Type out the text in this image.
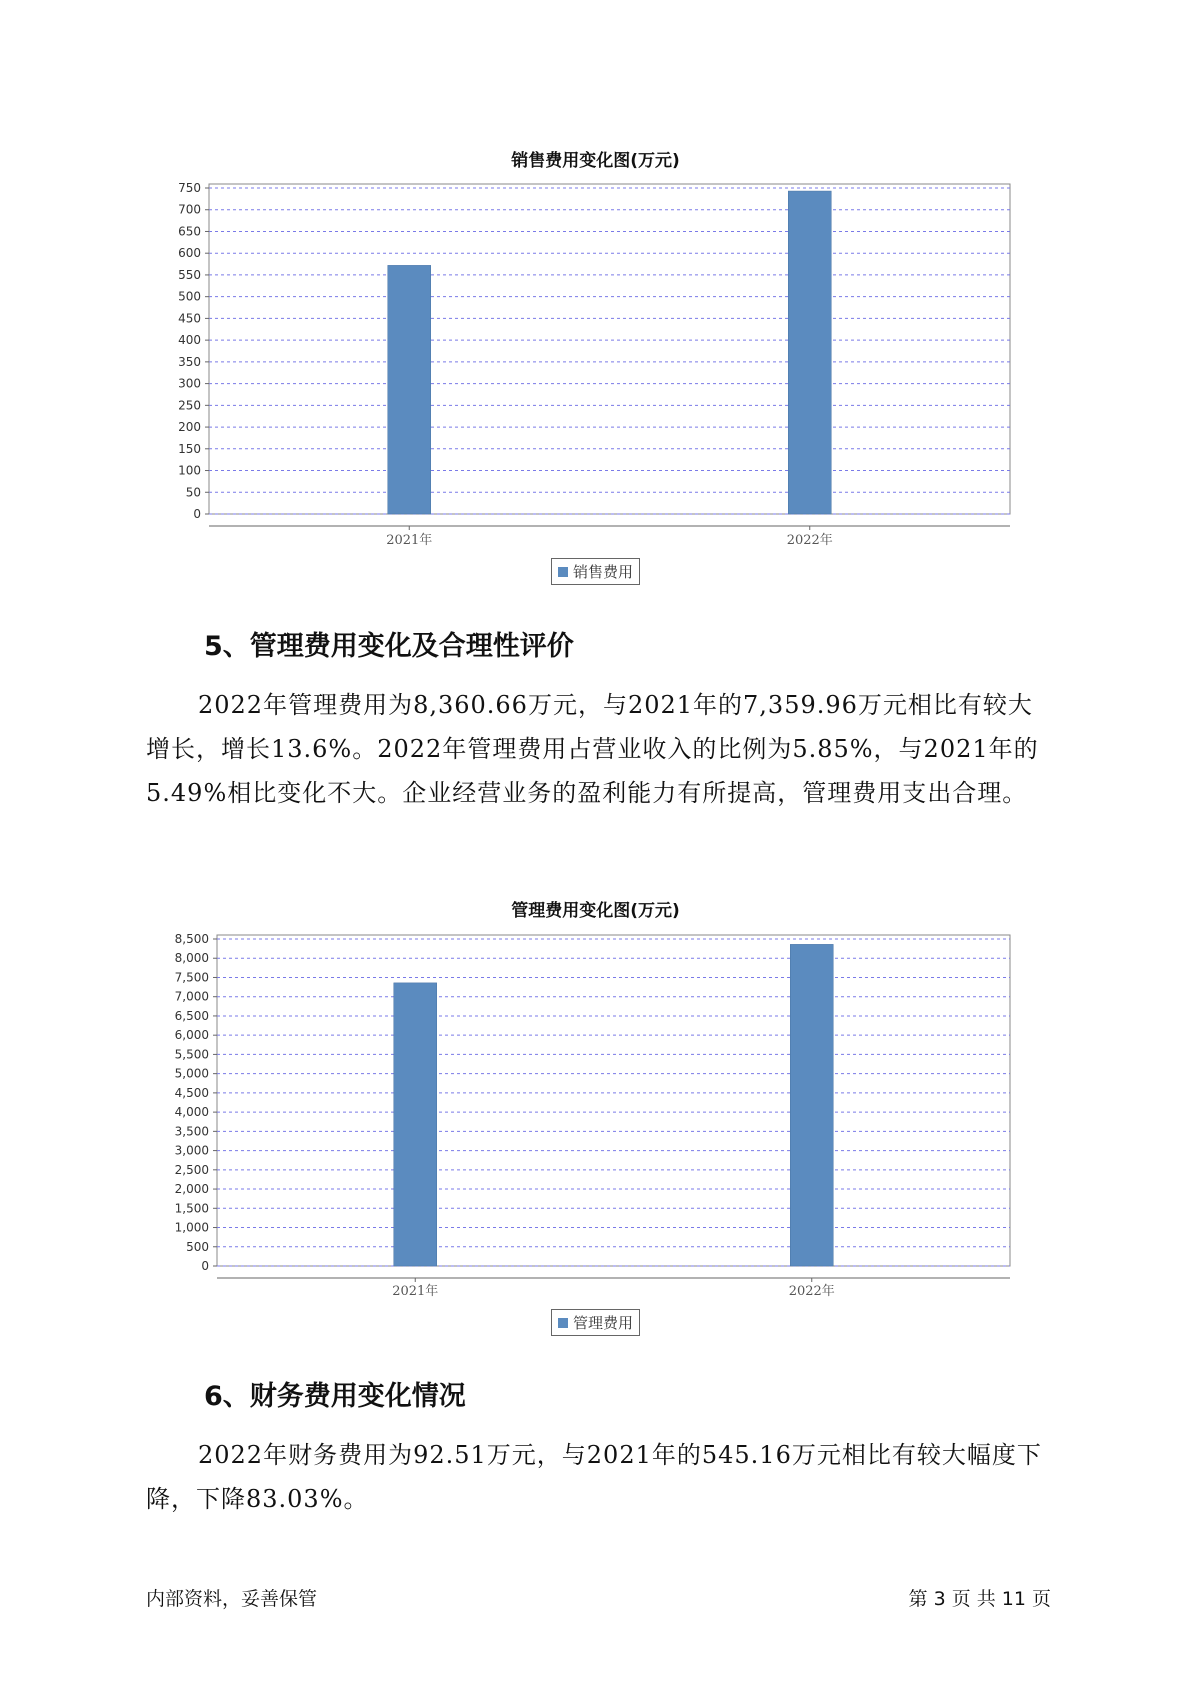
销售费用变化图(万元)
0
50
100
150
200
250
300
350
400
450
500
550
600
650
700
750
2021年	2022年
销售费用
5、管理费用变化及合理性评价
2022年管理费用为8,360.66万元，与2021年的7,359.96万元相比有较大增长，增长13.6%。2022年管理费用占营业收入的比例为5.85%，与2021年的5.49%相比变化不大。企业经营业务的盈利能力有所提高，管理费用支出合理。
管理费用变化图(万元)
0
500
1,000
1,500
2,000
2,500
3,000
3,500
4,000
4,500
5,000
5,500
6,000
6,500
7,000
7,500
8,000
8,500
2021年	2022年
管理费用
6、财务费用变化情况
2022年财务费用为92.51万元，与2021年的545.16万元相比有较大幅度下降，下降83.03%。
内部资料，妥善保管	第 3 页 共 11 页
